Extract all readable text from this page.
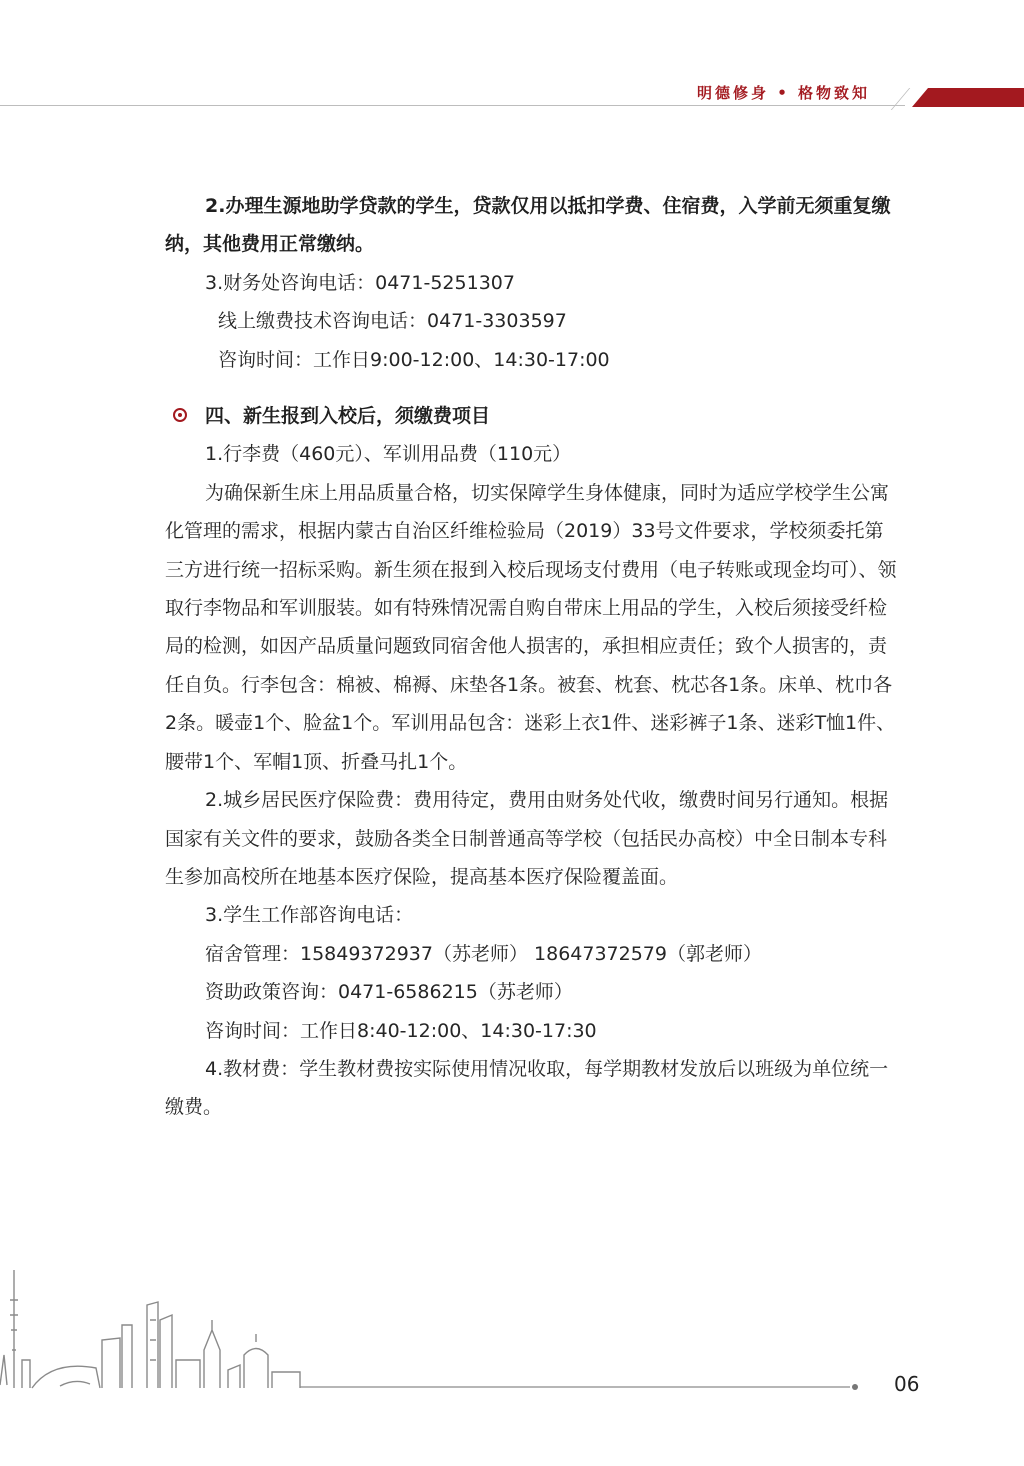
明德修身 • 格物致知

2.办理生源地助学贷款的学生，贷款仅用以抵扣学费、住宿费，入学前无须重复缴纳，其他费用正常缴纳。

3.财务处咨询电话：0471-5251307

线上缴费技术咨询电话：0471-3303597

咨询时间：工作日9:00-12:00、14:30-17:00

四、新生报到入校后，须缴费项目

1.行李费（460元）、军训用品费（110元）

为确保新生床上用品质量合格，切实保障学生身体健康，同时为适应学校学生公寓化管理的需求，根据内蒙古自治区纤维检验局（2019）33号文件要求，学校须委托第三方进行统一招标采购。新生须在报到入校后现场支付费用（电子转账或现金均可）、领取行李物品和军训服装。如有特殊情况需自购自带床上用品的学生，入校后须接受纤检局的检测，如因产品质量问题致同宿舍他人损害的，承担相应责任；致个人损害的，责任自负。行李包含：棉被、棉褥、床垫各1条。被套、枕套、枕芯各1条。床单、枕巾各2条。暖壶1个、脸盆1个。军训用品包含：迷彩上衣1件、迷彩裤子1条、迷彩T恤1件、腰带1个、军帽1顶、折叠马扎1个。

2.城乡居民医疗保险费：费用待定，费用由财务处代收，缴费时间另行通知。根据国家有关文件的要求，鼓励各类全日制普通高等学校（包括民办高校）中全日制本专科生参加高校所在地基本医疗保险，提高基本医疗保险覆盖面。

3.学生工作部咨询电话：

宿舍管理：15849372937（苏老师） 18647372579（郭老师）

资助政策咨询：0471-6586215（苏老师）

咨询时间：工作日8:40-12:00、14:30-17:30

4.教材费：学生教材费按实际使用情况收取，每学期教材发放后以班级为单位统一缴费。

06
